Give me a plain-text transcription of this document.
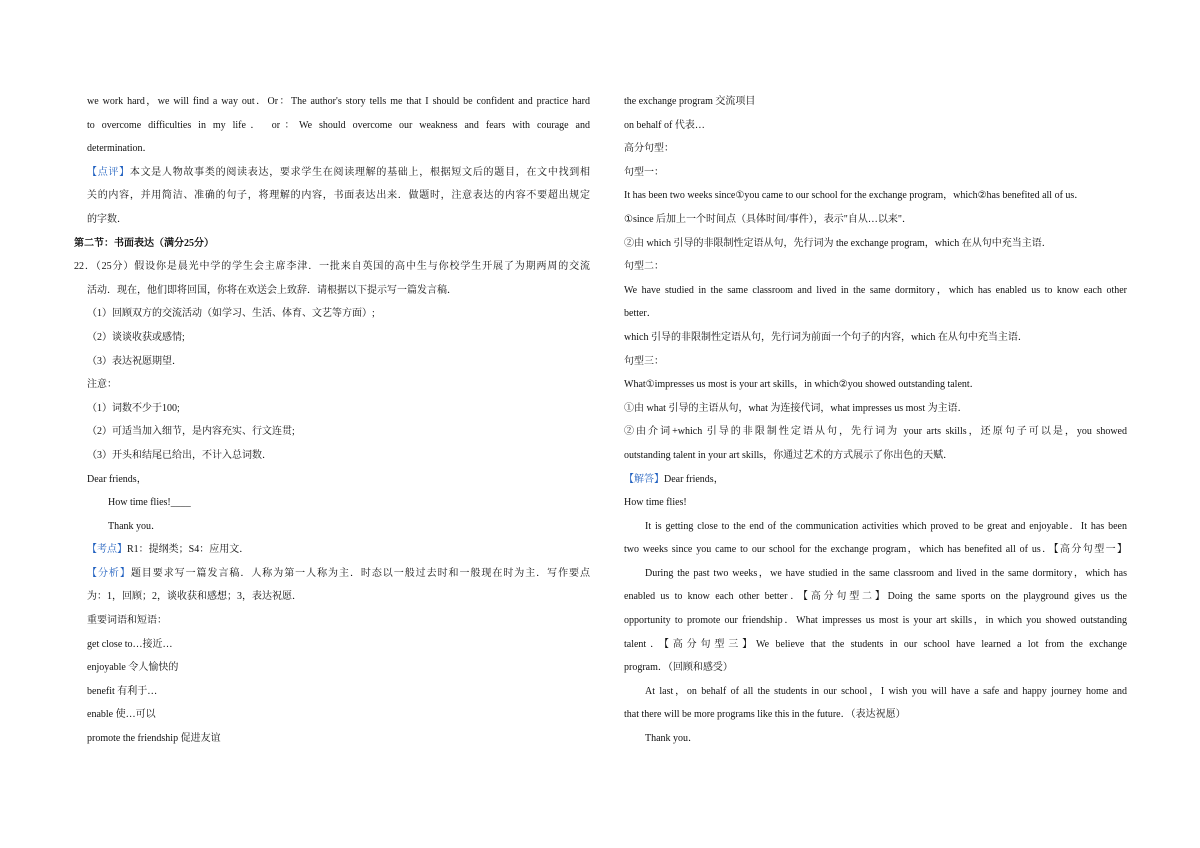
we work hard，we will find a way out．Or：The author's story tells me that I should be confident and practice hard
to overcome difficulties in my life． or：We should overcome our weakness and fears with courage and
determination．
【点评】本文是人物故事类的阅读表达，要求学生在阅读理解的基础上，根据短文后的题目，在文中找到相
关的内容，并用简洁、准确的句子，将理解的内容，书面表达出来．做题时，注意表达的内容不要超出规定
的字数．
第二节：书面表达（满分25分）
22．（25分）假设你是晨光中学的学生会主席李津．一批来自英国的高中生与你校学生开展了为期两周的交流
活动．现在，他们即将回国，你将在欢送会上致辞．请根据以下提示写一篇发言稿．
（1）回顾双方的交流活动（如学习、生活、体育、文艺等方面）;
（2）谈谈收获或感情;
（3）表达祝愿期望．
注意：
（1）词数不少于100;
（2）可适当加入细节，是内容充实、行文连贯;
（3）开头和结尾已给出，不计入总词数．
Dear friends，
How time flies!____
Thank you．
【考点】R1：提纲类；S4：应用文．
【分析】题目要求写一篇发言稿．人称为第一人称为主．时态以一般过去时和一般现在时为主．写作要点
为：1，回顾；2，谈收获和感想；3，表达祝愿．
重要词语和短语：
get close to…接近…
enjoyable 令人愉快的
benefit 有利于…
enable 使…可以
promote the friendship 促进友谊
the exchange program 交流项目
on behalf of 代表…
高分句型：
句型一：
It has been two weeks since①you came to our school for the exchange program，which②has benefited all of us．
①since 后加上一个时间点（具体时间/事件），表示"自从…以来"．
②由 which 引导的非限制性定语从句，先行词为 the exchange program，which 在从句中充当主语．
句型二：
We have studied in the same classroom and lived in the same dormitory，which has enabled us to know each other
better．
which 引导的非限制性定语从句，先行词为前面一个句子的内容，which 在从句中充当主语．
句型三：
What①impresses us most is your art skills，in which②you showed outstanding talent．
①由 what 引导的主语从句，what 为连接代词，what impresses us most 为主语．
②由介词+which 引导的非限制性定语从句，先行词为 your arts skills，还原句子可以是，you showed
outstanding talent in your art skills，你通过艺术的方式展示了你出色的天赋．
【解答】Dear friends，
How time flies!
It is getting close to the end of the communication activities which proved to be great and enjoyable．It has been
two weeks since you came to our school for the exchange program，which has benefited all of us．【高分句型一】
During the past two weeks，we have studied in the same classroom and lived in the same dormitory，which has
enabled us to know each other better．【高分句型二】Doing the same sports on the playground gives us the
opportunity to promote our friendship．What impresses us most is your art skills，in which you showed outstanding
talent．【高分句型三】We believe that the students in our school have learned a lot from the exchange
program．（回顾和感受）
At last，on behalf of all the students in our school，I wish you will have a safe and happy journey home and
that there will be more programs like this in the future．（表达祝愿）
Thank you．
